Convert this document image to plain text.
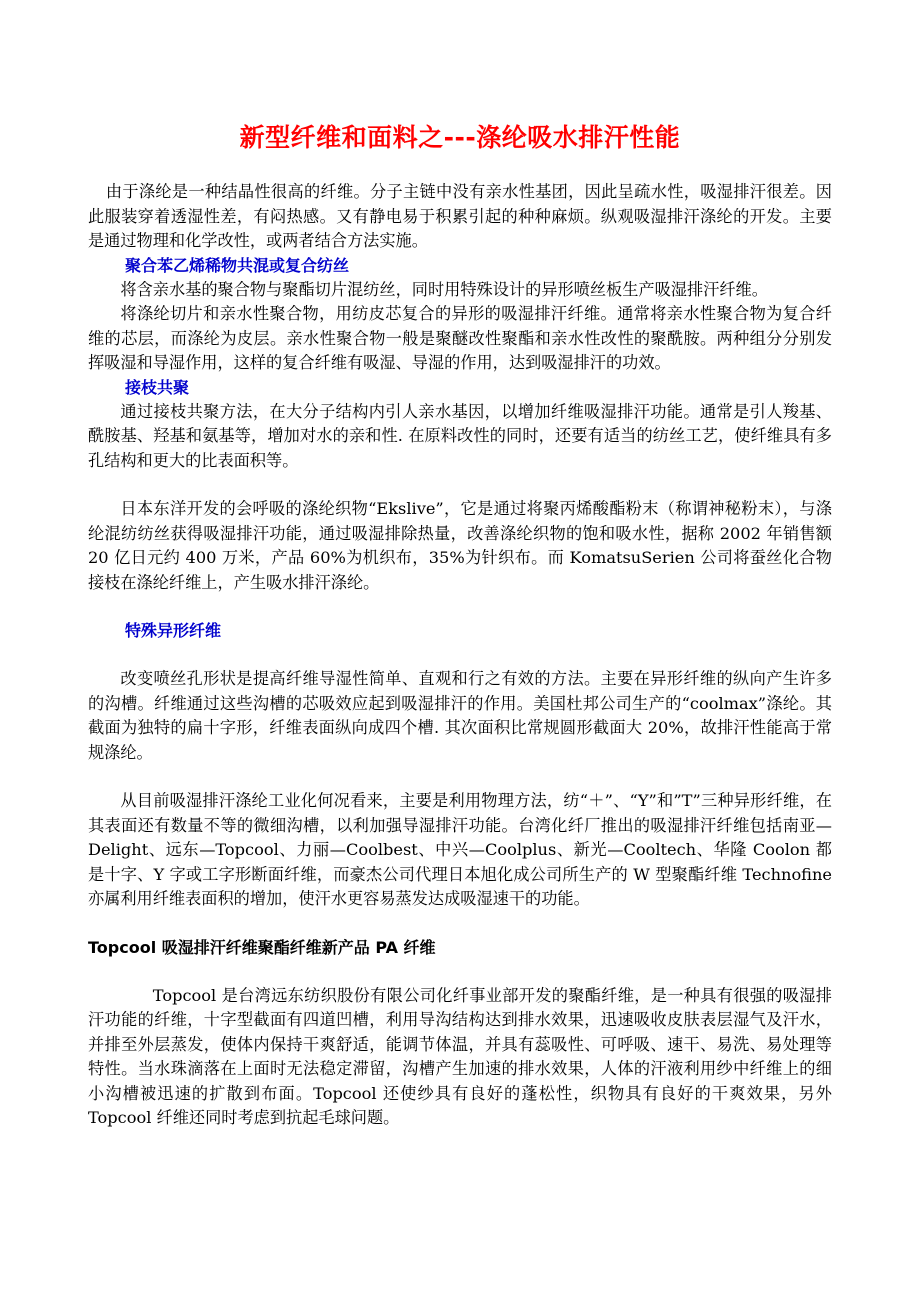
新型纤维和面料之---涤纶吸水排汗性能

由于涤纶是一种结晶性很高的纤维。分子主链中没有亲水性基团，因此呈疏水性，吸湿排汗很差。因此服装穿着透湿性差，有闷热感。又有静电易于积累引起的种种麻烦。纵观吸湿排汗涤纶的开发。主要是通过物理和化学改性，或两者结合方法实施。

聚合苯乙烯稀物共混或复合纺丝

将含亲水基的聚合物与聚酯切片混纺丝，同时用特殊设计的异形喷丝板生产吸湿排汗纤维。

将涤纶切片和亲水性聚合物，用纺皮芯复合的异形的吸湿排汗纤维。通常将亲水性聚合物为复合纤维的芯层，而涤纶为皮层。亲水性聚合物一般是聚醚改性聚酯和亲水性改性的聚酰胺。两种组分分别发挥吸湿和导湿作用，这样的复合纤维有吸湿、导湿的作用，达到吸湿排汗的功效。

接枝共聚

通过接枝共聚方法，在大分子结构内引人亲水基因，以增加纤维吸湿排汗功能。通常是引人羧基、酰胺基、羟基和氨基等，增加对水的亲和性. 在原料改性的同时，还要有适当的纺丝工艺，使纤维具有多孔结构和更大的比表面积等。

日本东洋开发的会呼吸的涤纶织物“Ekslive”，它是通过将聚丙烯酸酯粉末（称谓神秘粉末），与涤纶混纺纺丝获得吸湿排汗功能，通过吸湿排除热量，改善涤纶织物的饱和吸水性，据称 2002 年销售额 20 亿日元约 400 万米，产品 60%为机织布，35%为针织布。而 KomatsuSerien 公司将蚕丝化合物接枝在涤纶纤维上，产生吸水排汗涤纶。

特殊异形纤维

改变喷丝孔形状是提高纤维导湿性简单、直观和行之有效的方法。主要在异形纤维的纵向产生许多的沟槽。纤维通过这些沟槽的芯吸效应起到吸湿排汗的作用。美国杜邦公司生产的“coolmax”涤纶。其截面为独特的扁十字形，纤维表面纵向成四个槽. 其次面积比常规圆形截面大 20%，故排汗性能高于常规涤纶。

从目前吸湿排汗涤纶工业化何况看来，主要是利用物理方法，纺“＋”、“Y”和”T”三种异形纤维，在其表面还有数量不等的微细沟槽，以利加强导湿排汗功能。台湾化纤厂推出的吸湿排汗纤维包括南亚—Delight、远东—Topcool、力丽—Coolbest、中兴—Coolplus、新光—Cooltech、华隆 Coolon 都是十字、Y 字或工字形断面纤维，而豪杰公司代理日本旭化成公司所生产的 W 型聚酯纤维 Technofine 亦属利用纤维表面积的增加，使汗水更容易蒸发达成吸湿速干的功能。

Topcool 吸湿排汗纤维聚酯纤维新产品 PA 纤维

Topcool 是台湾远东纺织股份有限公司化纤事业部开发的聚酯纤维，是一种具有很强的吸湿排汗功能的纤维，十字型截面有四道凹槽，利用导沟结构达到排水效果，迅速吸收皮肤表层湿气及汗水，并排至外层蒸发，使体内保持干爽舒适，能调节体温，并具有蕊吸性、可呼吸、速干、易洗、易处理等特性。当水珠滴落在上面时无法稳定滞留，沟槽产生加速的排水效果，人体的汗液利用纱中纤维上的细小沟槽被迅速的扩散到布面。Topcool 还使纱具有良好的蓬松性，织物具有良好的干爽效果，另外 Topcool 纤维还同时考虑到抗起毛球问题。
